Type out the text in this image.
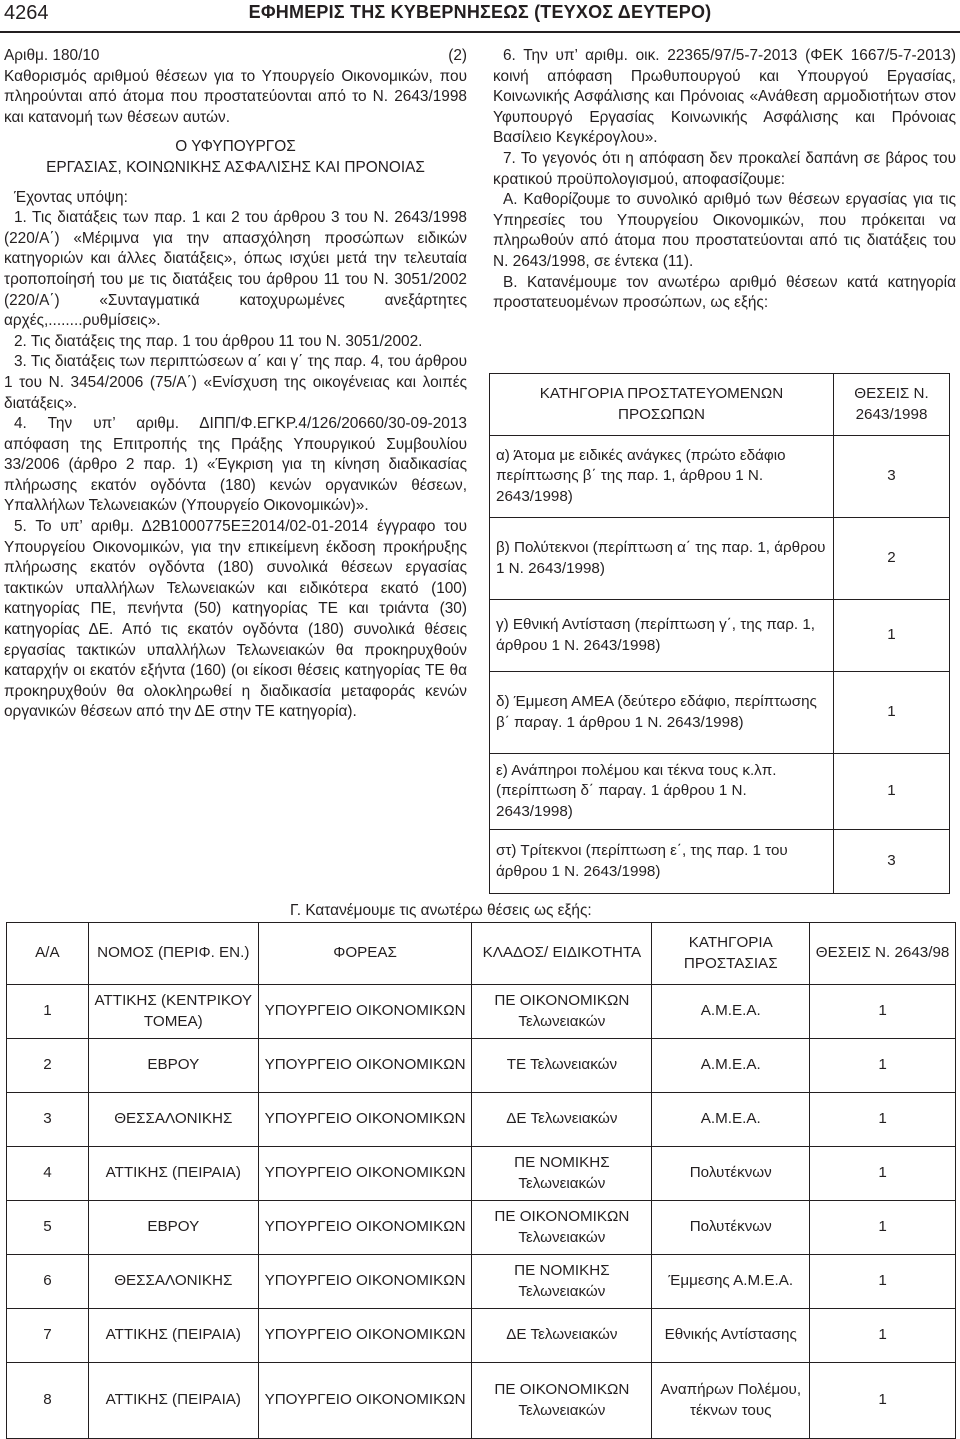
4264	ΕΦΗΜΕΡΙΣ ΤΗΣ ΚΥΒΕΡΝΗΣΕΩΣ (ΤΕΥΧΟΣ ΔΕΥΤΕΡΟ)
Αριθμ. 180/10	(2)

Καθορισμός αριθμού θέσεων για το Υπουργείο Οικονομικών, που πληρούνται από άτομα που προστατεύονται από το Ν. 2643/1998 και κατανομή των θέσεων αυτών.

Ο ΥΦΥΠΟΥΡΓΟΣ

ΕΡΓΑΣΙΑΣ, ΚΟΙΝΩΝΙΚΗΣ ΑΣΦΑΛΙΣΗΣ ΚΑΙ ΠΡΟΝΟΙΑΣ

Έχοντας υπόψη:

1. Τις διατάξεις των παρ. 1 και 2 του άρθρου 3 του Ν. 2643/1998 (220/Α΄) «Μέριμνα για την απασχόληση προσώπων ειδικών κατηγοριών και άλλες διατάξεις», όπως ισχύει μετά την τελευταία τροποποίησή του με τις διατάξεις του άρθρου 11 του Ν. 3051/2002 (220/Α΄) «Συνταγματικά κατοχυρωμένες ανεξάρτητες αρχές,........ρυθμίσεις».

2. Τις διατάξεις της παρ. 1 του άρθρου 11 του Ν. 3051/2002.

3. Τις διατάξεις των περιπτώσεων α΄ και γ΄ της παρ. 4, του άρθρου 1 του Ν. 3454/2006 (75/Α΄) «Ενίσχυση της οικογένειας και λοιπές διατάξεις».

4. Την υπ’ αριθμ. ΔΙΠΠ/Φ.ΕΓΚΡ.4/126/20660/30-09-2013 απόφαση της Επιτροπής της Πράξης Υπουργικού Συμβουλίου 33/2006 (άρθρο 2 παρ. 1) «Έγκριση για τη κίνηση διαδικασίας πλήρωσης εκατόν ογδόντα (180) κενών οργανικών θέσεων, Υπαλλήλων Τελωνειακών (Υπουργείο Οικονομικών)».

5. Το υπ’ αριθμ. Δ2Β1000775ΕΞ2014/02-01-2014 έγγραφο του Υπουργείου Οικονομικών, για την επικείμενη έκδοση προκήρυξης πλήρωσης εκατόν ογδόντα (180) συνολικά θέσεων εργασίας τακτικών υπαλλήλων Τελωνειακών και ειδικότερα εκατό (100) κατηγορίας ΠΕ, πενήντα (50) κατηγορίας ΤΕ και τριάντα (30) κατηγορίας ΔΕ. Από τις εκατόν ογδόντα (180) συνολικά θέσεις εργασίας τακτικών υπαλλήλων Τελωνειακών θα προκηρυχθούν καταρχήν οι εκατόν εξήντα (160) (οι είκοσι θέσεις κατηγορίας ΤΕ θα προκηρυχθούν θα ολοκληρωθεί η διαδικασία μεταφοράς κενών οργανικών θέσεων από την ΔΕ στην ΤΕ κατηγορία).

6. Την υπ’ αριθμ. οικ. 22365/97/5-7-2013 (ΦΕΚ 1667/5-7-2013) κοινή απόφαση Πρωθυπουργού και Υπουργού Εργασίας, Κοινωνικής Ασφάλισης και Πρόνοιας «Ανάθεση αρμοδιοτήτων στον Υφυπουργό Εργασίας Κοινωνικής Ασφάλισης και Πρόνοιας Βασίλειο Κεγκέρογλου».

7. Το γεγονός ότι η απόφαση δεν προκαλεί δαπάνη σε βάρος του κρατικού προϋπολογισμού, αποφασίζουμε:

Α. Καθορίζουμε το συνολικό αριθμό των θέσεων εργασίας για τις Υπηρεσίες του Υπουργείου Οικονομικών, που πρόκειται να πληρωθούν από άτομα που προστατεύονται από τις διατάξεις του Ν. 2643/1998, σε έντεκα (11).

Β. Κατανέμουμε τον ανωτέρω αριθμό θέσεων κατά κατηγορία προστατευομένων προσώπων, ως εξής:

ΚΑΤΗΓΟΡΙΑ ΠΡΟΣΤΑΤΕΥΟΜΕΝΩΝ ΠΡΟΣΩΠΩΝ	ΘΕΣΕΙΣ Ν. 2643/1998
α) Άτομα με ειδικές ανάγκες (πρώτο εδάφιο περίπτωσης β΄ της παρ. 1, άρθρου 1 Ν. 2643/1998)	3
β) Πολύτεκνοι (περίπτωση α΄ της παρ. 1, άρθρου 1 Ν. 2643/1998)	2
γ) Εθνική Αντίσταση (περίπτωση γ΄, της παρ. 1, άρθρου 1 Ν. 2643/1998)	1
δ) Έμμεση ΑΜΕΑ (δεύτερο εδάφιο, περίπτωσης β΄ παραγ. 1 άρθρου 1 Ν. 2643/1998)	1
ε) Ανάπηροι πολέμου και τέκνα τους κ.λπ. (περίπτωση δ΄ παραγ. 1 άρθρου 1 Ν. 2643/1998)	1
στ) Τρίτεκνοι (περίπτωση ε΄, της παρ. 1 του άρθρου 1 Ν. 2643/1998)	3
Γ. Κατανέμουμε τις ανωτέρω θέσεις ως εξής:
Α/Α	ΝΟΜΟΣ (ΠΕΡΙΦ. ΕΝ.)	ΦΟΡΕΑΣ	ΚΛΑΔΟΣ/ ΕΙΔΙΚΟΤΗΤΑ	ΚΑΤΗΓΟΡΙΑ ΠΡΟΣΤΑΣΙΑΣ	ΘΕΣΕΙΣ Ν. 2643/98
1	ΑΤΤΙΚΗΣ (ΚΕΝΤΡΙΚΟΥ ΤΟΜΕΑ)	ΥΠΟΥΡΓΕΙΟ ΟΙΚΟΝΟΜΙΚΩΝ	ΠΕ ΟΙΚΟΝΟΜΙΚΩΝ Τελωνειακών	Α.Μ.Ε.Α.	1
2	ΕΒΡΟΥ	ΥΠΟΥΡΓΕΙΟ ΟΙΚΟΝΟΜΙΚΩΝ	ΤΕ Τελωνειακών	Α.Μ.Ε.Α.	1
3	ΘΕΣΣΑΛΟΝΙΚΗΣ	ΥΠΟΥΡΓΕΙΟ ΟΙΚΟΝΟΜΙΚΩΝ	ΔΕ Τελωνειακών	Α.Μ.Ε.Α.	1
4	ΑΤΤΙΚΗΣ (ΠΕΙΡΑΙΑ)	ΥΠΟΥΡΓΕΙΟ ΟΙΚΟΝΟΜΙΚΩΝ	ΠΕ ΝΟΜΙΚΗΣ Τελωνειακών	Πολυτέκνων	1
5	ΕΒΡΟΥ	ΥΠΟΥΡΓΕΙΟ ΟΙΚΟΝΟΜΙΚΩΝ	ΠΕ ΟΙΚΟΝΟΜΙΚΩΝ Τελωνειακών	Πολυτέκνων	1
6	ΘΕΣΣΑΛΟΝΙΚΗΣ	ΥΠΟΥΡΓΕΙΟ ΟΙΚΟΝΟΜΙΚΩΝ	ΠΕ ΝΟΜΙΚΗΣ Τελωνειακών	Έμμεσης Α.Μ.Ε.Α.	1
7	ΑΤΤΙΚΗΣ (ΠΕΙΡΑΙΑ)	ΥΠΟΥΡΓΕΙΟ ΟΙΚΟΝΟΜΙΚΩΝ	ΔΕ Τελωνειακών	Εθνικής Αντίστασης	1
8	ΑΤΤΙΚΗΣ (ΠΕΙΡΑΙΑ)	ΥΠΟΥΡΓΕΙΟ ΟΙΚΟΝΟΜΙΚΩΝ	ΠΕ ΟΙΚΟΝΟΜΙΚΩΝ Τελωνειακών	Αναπήρων Πολέμου, τέκνων τους	1
